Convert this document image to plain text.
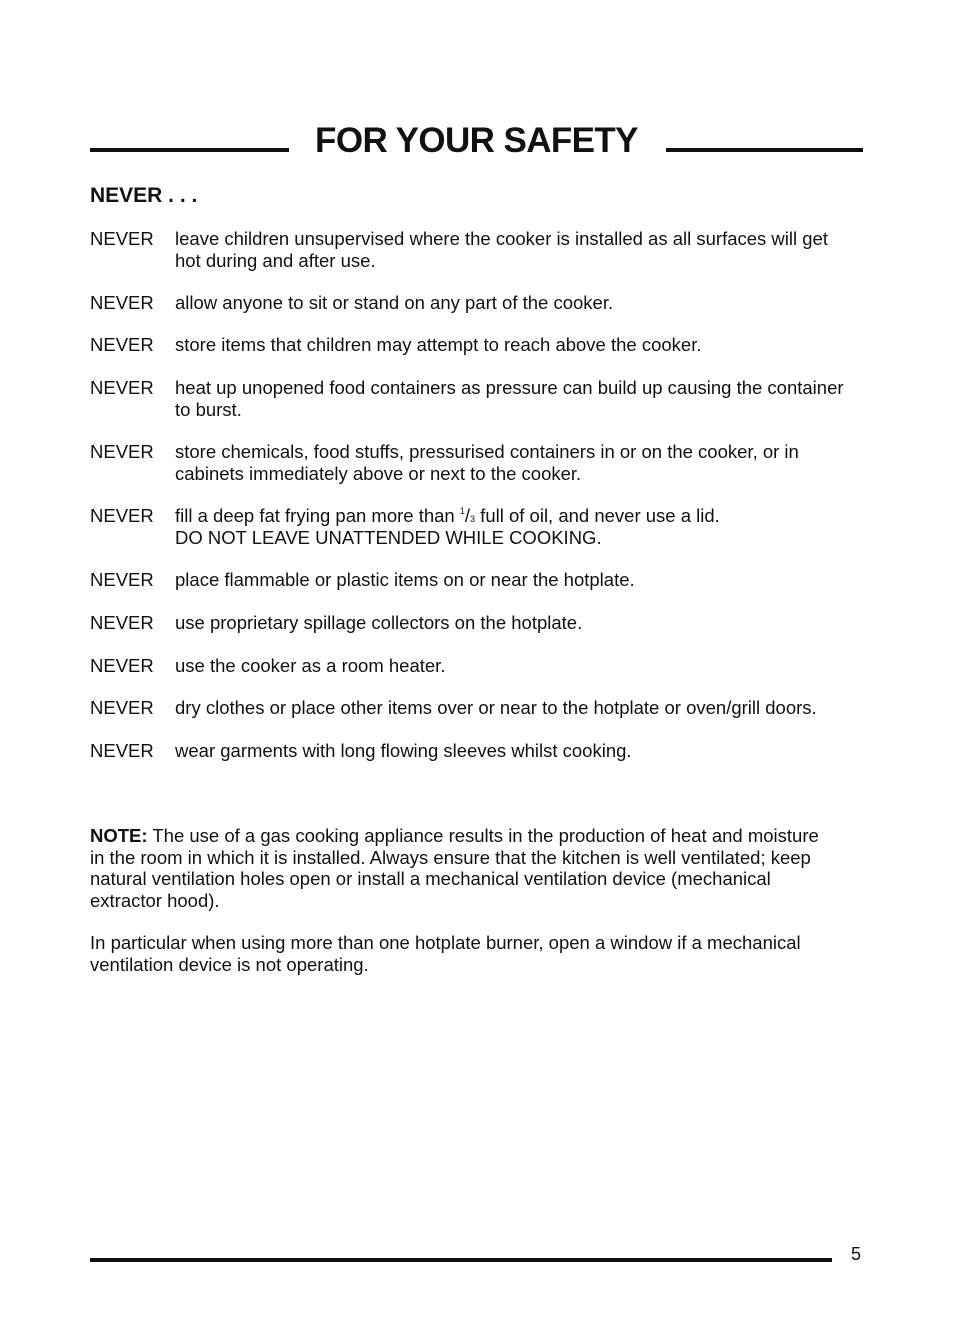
FOR YOUR SAFETY
NEVER . . .
NEVER leave children unsupervised where the cooker is installed as all surfaces will get hot during and after use.
NEVER allow anyone to sit or stand on any part of the cooker.
NEVER store items that children may attempt to reach above the cooker.
NEVER heat up unopened food containers as pressure can build up causing the container to burst.
NEVER store chemicals, food stuffs, pressurised containers in or on the cooker, or in cabinets immediately above or next to the cooker.
NEVER fill a deep fat frying pan more than $^1$/3 full of oil, and never use a lid.
DO NOT LEAVE UNATTENDED WHILE COOKING.
NEVER place flammable or plastic items on or near the hotplate.
NEVER use proprietary spillage collectors on the hotplate.
NEVER use the cooker as a room heater.
NEVER dry clothes or place other items over or near to the hotplate or oven/grill doors.
NEVER wear garments with long flowing sleeves whilst cooking.
NOTE: The use of a gas cooking appliance results in the production of heat and moisture in the room in which it is installed. Always ensure that the kitchen is well ventilated; keep natural ventilation holes open or install a mechanical ventilation device (mechanical extractor hood).
In particular when using more than one hotplate burner, open a window if a mechanical ventilation device is not operating.
5
